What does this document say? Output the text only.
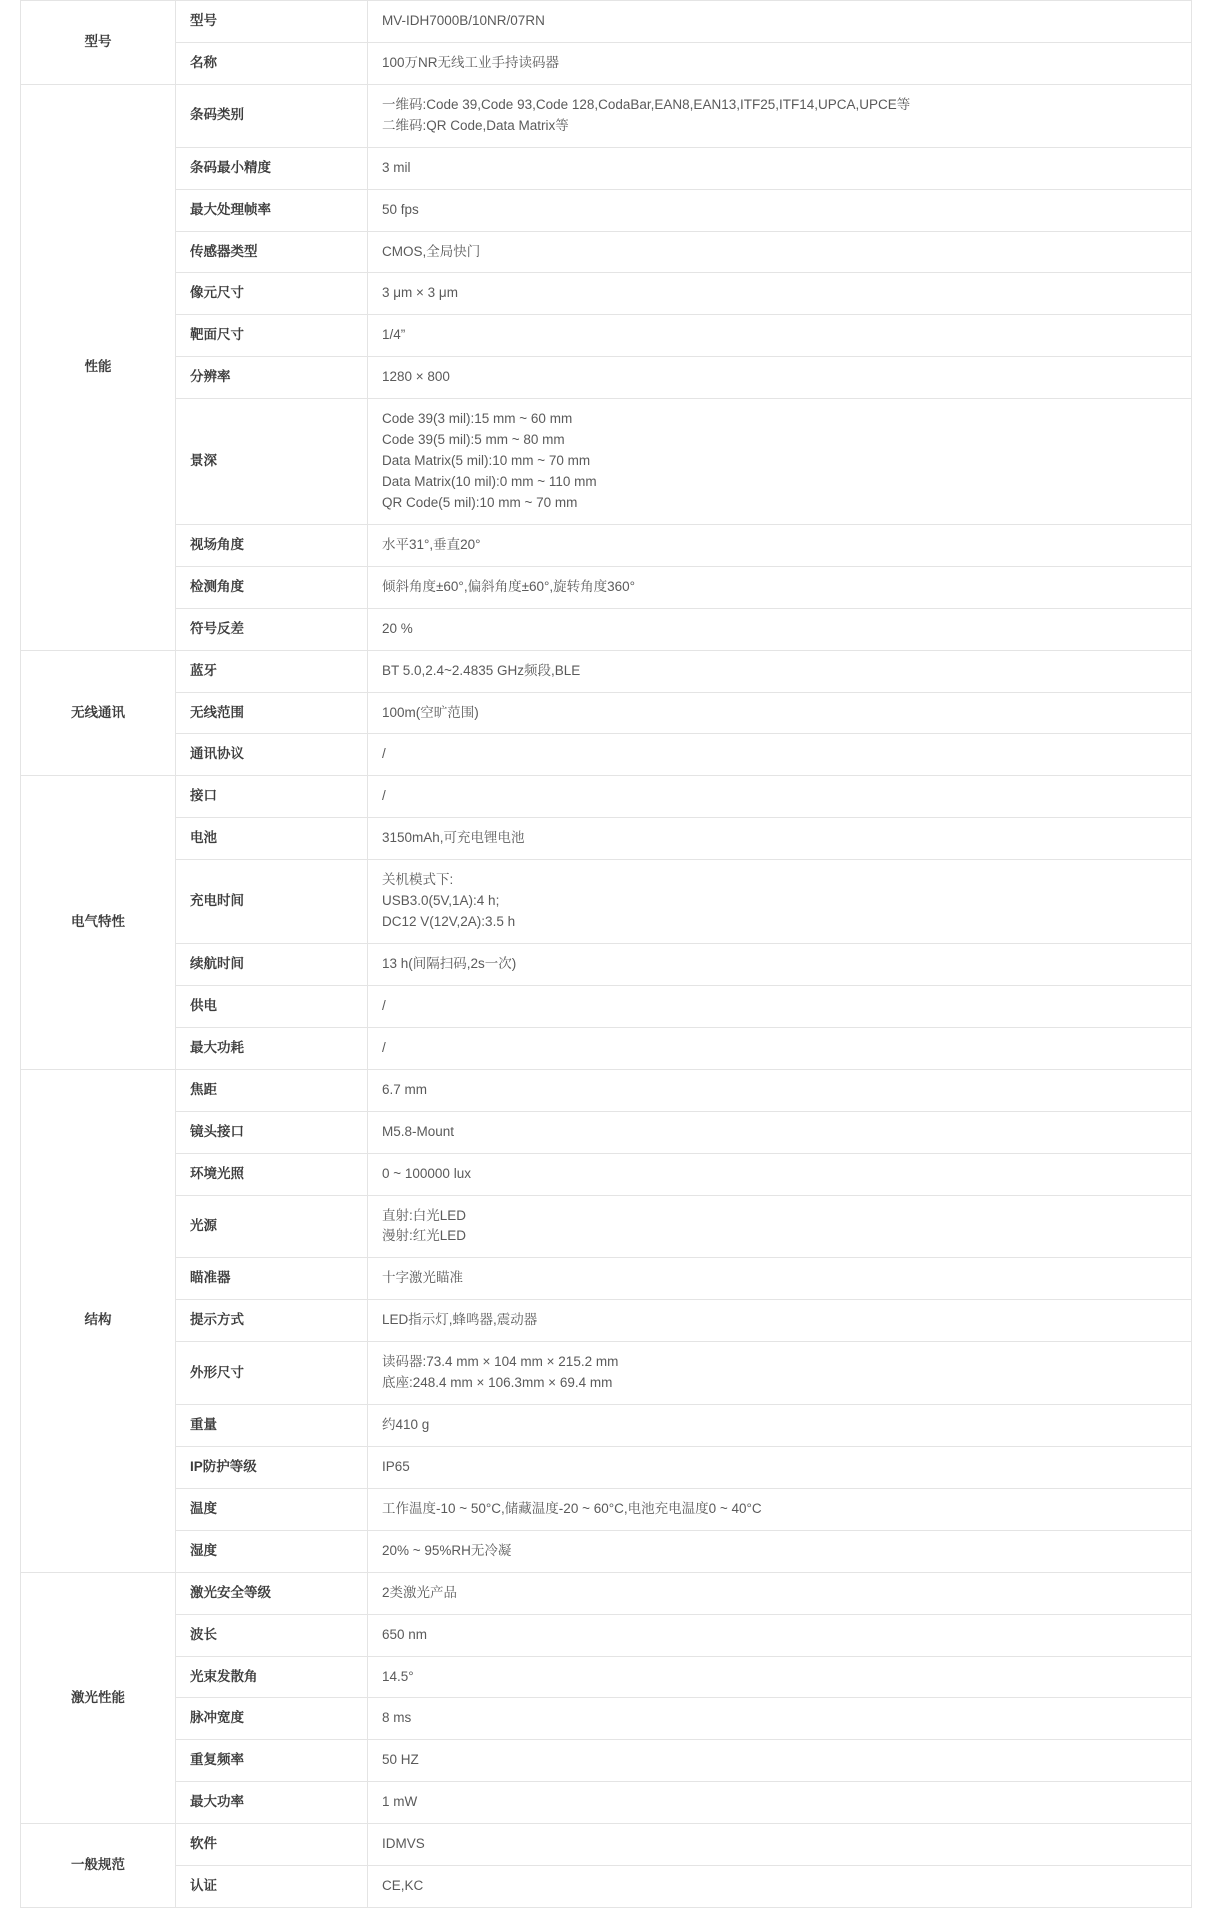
型号	型号	MV-IDH7000B/10NR/07RN

	名称	100万NR无线工业手持读码器

性能	条码类别	一维码:Code 39,Code 93,Code 128,CodaBar,EAN8,EAN13,ITF25,ITF14,UPCA,UPCE等
二维码:QR Code,Data Matrix等

	条码最小精度	3 mil

	最大处理帧率	50 fps

	传感器类型	CMOS,全局快门

	像元尺寸	3 μm × 3 μm

	靶面尺寸	1/4”

	分辨率	1280 × 800

	景深	Code 39(3 mil):15 mm ~ 60 mm
Code 39(5 mil):5 mm ~ 80 mm
Data Matrix(5 mil):10 mm ~ 70 mm
Data Matrix(10 mil):0 mm ~ 110 mm
QR Code(5 mil):10 mm ~ 70 mm

	视场角度	水平31°,垂直20°

	检测角度	倾斜角度±60°,偏斜角度±60°,旋转角度360°

	符号反差	20 %

无线通讯	蓝牙	BT 5.0,2.4~2.4835 GHz频段,BLE

	无线范围	100m(空旷范围)

	通讯协议	/

电气特性	接口	/

	电池	3150mAh,可充电锂电池

	充电时间	关机模式下:
USB3.0(5V,1A):4 h;
DC12 V(12V,2A):3.5 h

	续航时间	13 h(间隔扫码,2s一次)

	供电	/

	最大功耗	/

结构	焦距	6.7 mm

	镜头接口	M5.8-Mount

	环境光照	0 ~ 100000 lux

	光源	直射:白光LED
漫射:红光LED

	瞄准器	十字激光瞄准

	提示方式	LED指示灯,蜂鸣器,震动器

	外形尺寸	读码器:73.4 mm × 104 mm × 215.2 mm
底座:248.4 mm × 106.3mm × 69.4 mm

	重量	约410 g

	IP防护等级	IP65

	温度	工作温度-10 ~ 50°C,储藏温度-20 ~ 60°C,电池充电温度0 ~ 40°C

	湿度	20% ~ 95%RH无冷凝

激光性能	激光安全等级	2类激光产品

	波长	650 nm

	光束发散角	14.5°

	脉冲宽度	8 ms

	重复频率	50 HZ

	最大功率	1 mW

一般规范	软件	IDMVS

	认证	CE,KC
